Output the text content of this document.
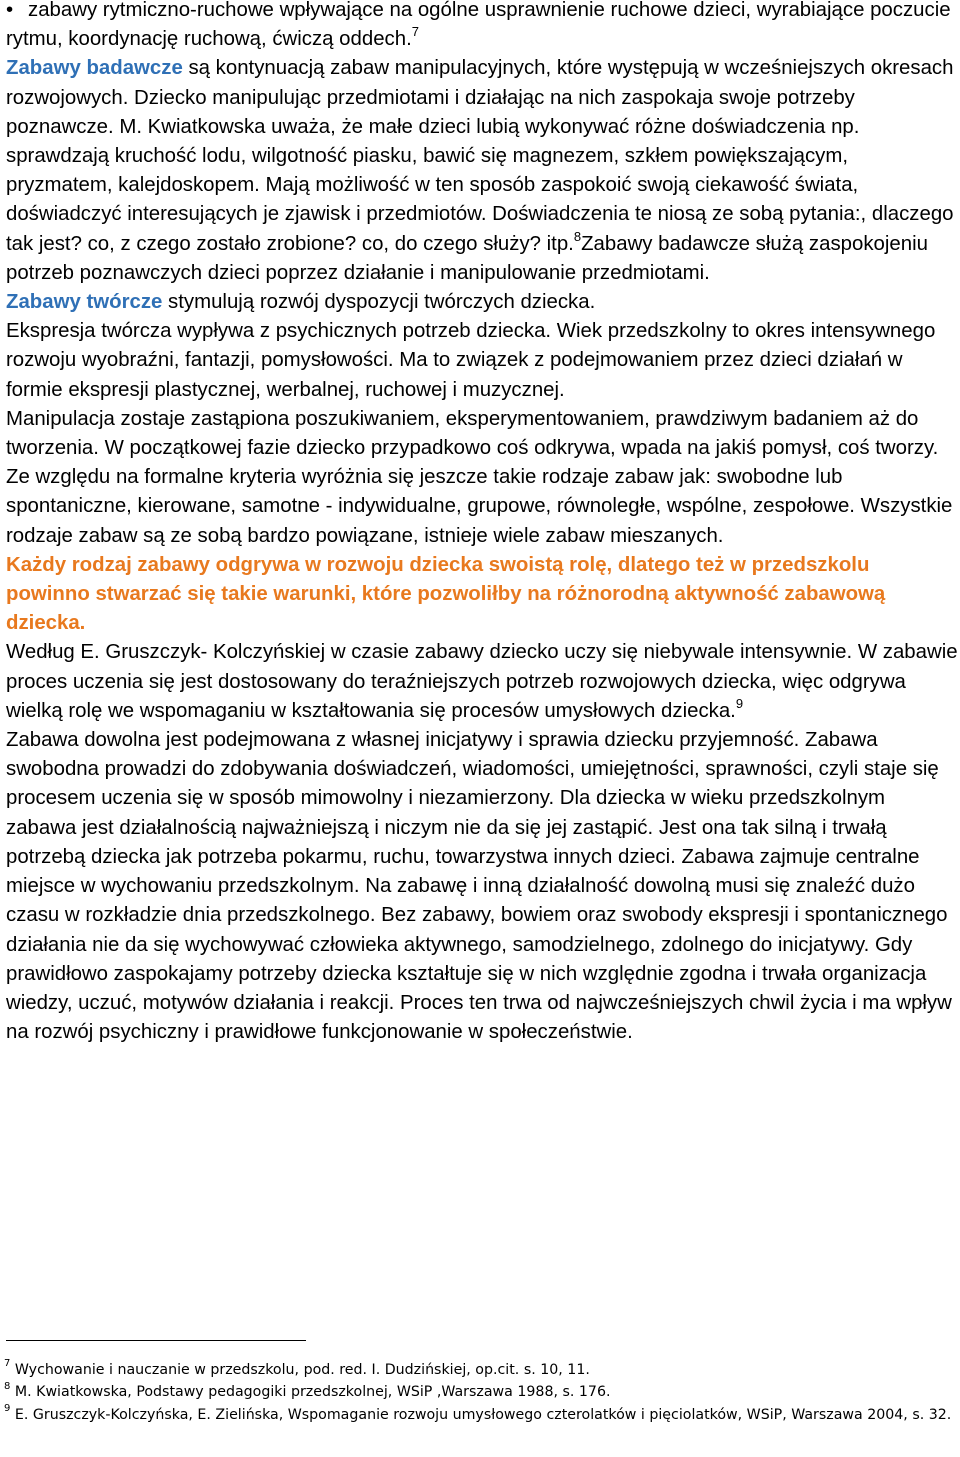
• zabawy rytmiczno-ruchowe wpływające na ogólne usprawnienie ruchowe dzieci, wyrabiające poczucie rytmu, koordynację ruchową, ćwiczą oddech.$^7$

Zabawy badawcze są kontynuacją zabaw manipulacyjnych, które występują w wcześniejszych okresach rozwojowych. Dziecko manipulując przedmiotami i działając na nich zaspokaja swoje potrzeby poznawcze. M. Kwiatkowska uważa, że małe dzieci lubią wykonywać różne doświadczenia np. sprawdzają kruchość lodu, wilgotność piasku, bawić się magnezem, szkłem powiększającym, pryzmatem, kalejdoskopem. Mają możliwość w ten sposób zaspokoić swoją ciekawość świata, doświadczyć interesujących je zjawisk i przedmiotów. Doświadczenia te niosą ze sobą pytania:, dlaczego tak jest? co, z czego zostało zrobione? co, do czego służy? itp.$^8$Zabawy badawcze służą zaspokojeniu potrzeb poznawczych dzieci poprzez działanie i manipulowanie przedmiotami.

Zabawy twórcze stymulują rozwój dyspozycji twórczych dziecka.

Ekspresja twórcza wypływa z psychicznych potrzeb dziecka. Wiek przedszkolny to okres intensywnego rozwoju wyobraźni, fantazji, pomysłowości. Ma to związek z podejmowaniem przez dzieci działań w formie ekspresji plastycznej, werbalnej, ruchowej i muzycznej.

Manipulacja zostaje zastąpiona poszukiwaniem, eksperymentowaniem, prawdziwym badaniem aż do tworzenia. W początkowej fazie dziecko przypadkowo coś odkrywa, wpada na jakiś pomysł, coś tworzy.

Ze względu na formalne kryteria wyróżnia się jeszcze takie rodzaje zabaw jak: swobodne lub spontaniczne, kierowane, samotne - indywidualne, grupowe, równoległe, wspólne, zespołowe. Wszystkie rodzaje zabaw są ze sobą bardzo powiązane, istnieje wiele zabaw mieszanych.

Każdy rodzaj zabawy odgrywa w rozwoju dziecka swoistą rolę, dlatego też w przedszkolu powinno stwarzać się takie warunki, które pozwoliłby na różnorodną aktywność zabawową dziecka.

Według E. Gruszczyk- Kolczyńskiej w czasie zabawy dziecko uczy się niebywale intensywnie. W zabawie proces uczenia się jest dostosowany do teraźniejszych potrzeb rozwojowych dziecka, więc odgrywa wielką rolę we wspomaganiu w kształtowania się procesów umysłowych dziecka.$^9$

Zabawa dowolna jest podejmowana z własnej inicjatywy i sprawia dziecku przyjemność. Zabawa swobodna prowadzi do zdobywania doświadczeń, wiadomości, umiejętności, sprawności, czyli staje się procesem uczenia się w sposób mimowolny i niezamierzony. Dla dziecka w wieku przedszkolnym zabawa jest działalnością najważniejszą i niczym nie da się jej zastąpić. Jest ona tak silną i trwałą potrzebą dziecka jak potrzeba pokarmu, ruchu, towarzystwa innych dzieci. Zabawa zajmuje centralne miejsce w wychowaniu przedszkolnym. Na zabawę i inną działalność dowolną musi się znaleźć dużo czasu w rozkładzie dnia przedszkolnego. Bez zabawy, bowiem oraz swobody ekspresji i spontanicznego działania nie da się wychowywać człowieka aktywnego, samodzielnego, zdolnego do inicjatywy. Gdy prawidłowo zaspokajamy potrzeby dziecka kształtuje się w nich względnie zgodna i trwała organizacja wiedzy, uczuć, motywów działania i reakcji. Proces ten trwa od najwcześniejszych chwil życia i ma wpływ na rozwój psychiczny i prawidłowe funkcjonowanie w społeczeństwie.

$^7$ Wychowanie i nauczanie w przedszkolu, pod. red. I. Dudzińskiej, op.cit. s. 10, 11.

$^8$ M. Kwiatkowska, Podstawy pedagogiki przedszkolnej, WSiP ,Warszawa 1988, s. 176.

$^9$ E. Gruszczyk-Kolczyńska, E. Zielińska, Wspomaganie rozwoju umysłowego czterolatków i pięciolatków, WSiP, Warszawa 2004, s. 32.
